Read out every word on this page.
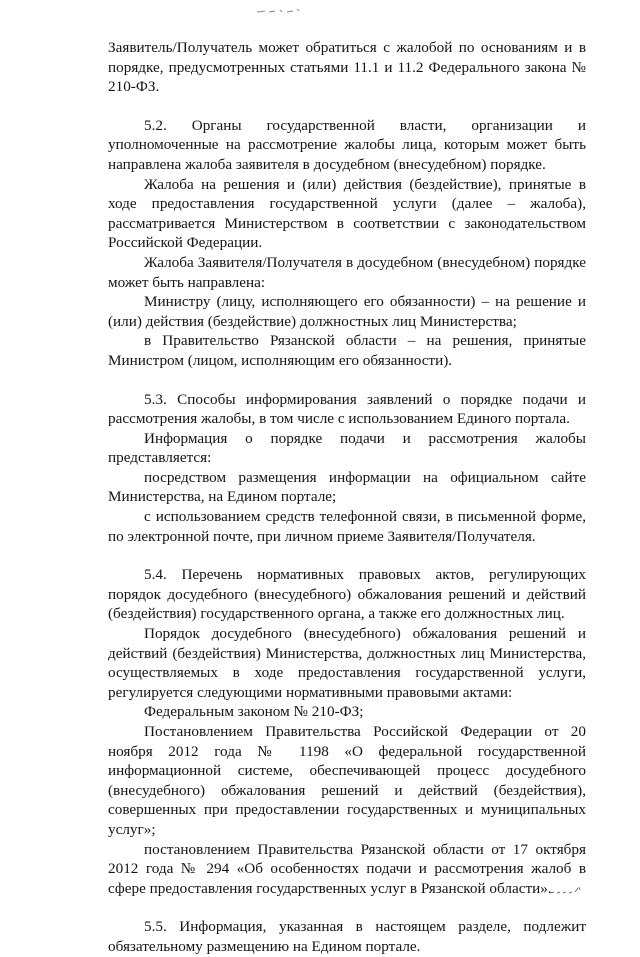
Заявитель/Получатель может обратиться с жалобой по основаниям и в порядке, предусмотренных статьями 11.1 и 11.2 Федерального закона № 210-ФЗ.

5.2. Органы государственной власти, организации и уполномоченные на рассмотрение жалобы лица, которым может быть направлена жалоба заявителя в досудебном (внесудебном) порядке.

Жалоба на решения и (или) действия (бездействие), принятые в ходе предоставления государственной услуги (далее – жалоба), рассматривается Министерством в соответствии с законодательством Российской Федерации.

Жалоба Заявителя/Получателя в досудебном (внесудебном) порядке может быть направлена:

Министру (лицу, исполняющего его обязанности) – на решение и (или) действия (бездействие) должностных лиц Министерства;

в Правительство Рязанской области – на решения, принятые Министром (лицом, исполняющим его обязанности).

5.3. Способы информирования заявлений о порядке подачи и рассмотрения жалобы, в том числе с использованием Единого портала.

Информация о порядке подачи и рассмотрения жалобы представляется:

посредством размещения информации на официальном сайте Министерства, на Едином портале;

с использованием средств телефонной связи, в письменной форме, по электронной почте, при личном приеме Заявителя/Получателя.

5.4. Перечень нормативных правовых актов, регулирующих порядок досудебного (внесудебного) обжалования решений и действий (бездействия) государственного органа, а также его должностных лиц.

Порядок досудебного (внесудебного) обжалования решений и действий (бездействия) Министерства, должностных лиц Министерства, осуществляемых в ходе предоставления государственной услуги, регулируется следующими нормативными правовыми актами:

Федеральным законом № 210-ФЗ;

Постановлением Правительства Российской Федерации от 20 ноября 2012 года № 1198 «О федеральной государственной информационной системе, обеспечивающей процесс досудебного (внесудебного) обжалования решений и действий (бездействия), совершенных при предоставлении государственных и муниципальных услуг»;

постановлением Правительства Рязанской области от 17 октября 2012 года № 294 «Об особенностях подачи и рассмотрения жалоб в сфере предоставления государственных услуг в Рязанской области».

5.5. Информация, указанная в настоящем разделе, подлежит обязательному размещению на Едином портале.
